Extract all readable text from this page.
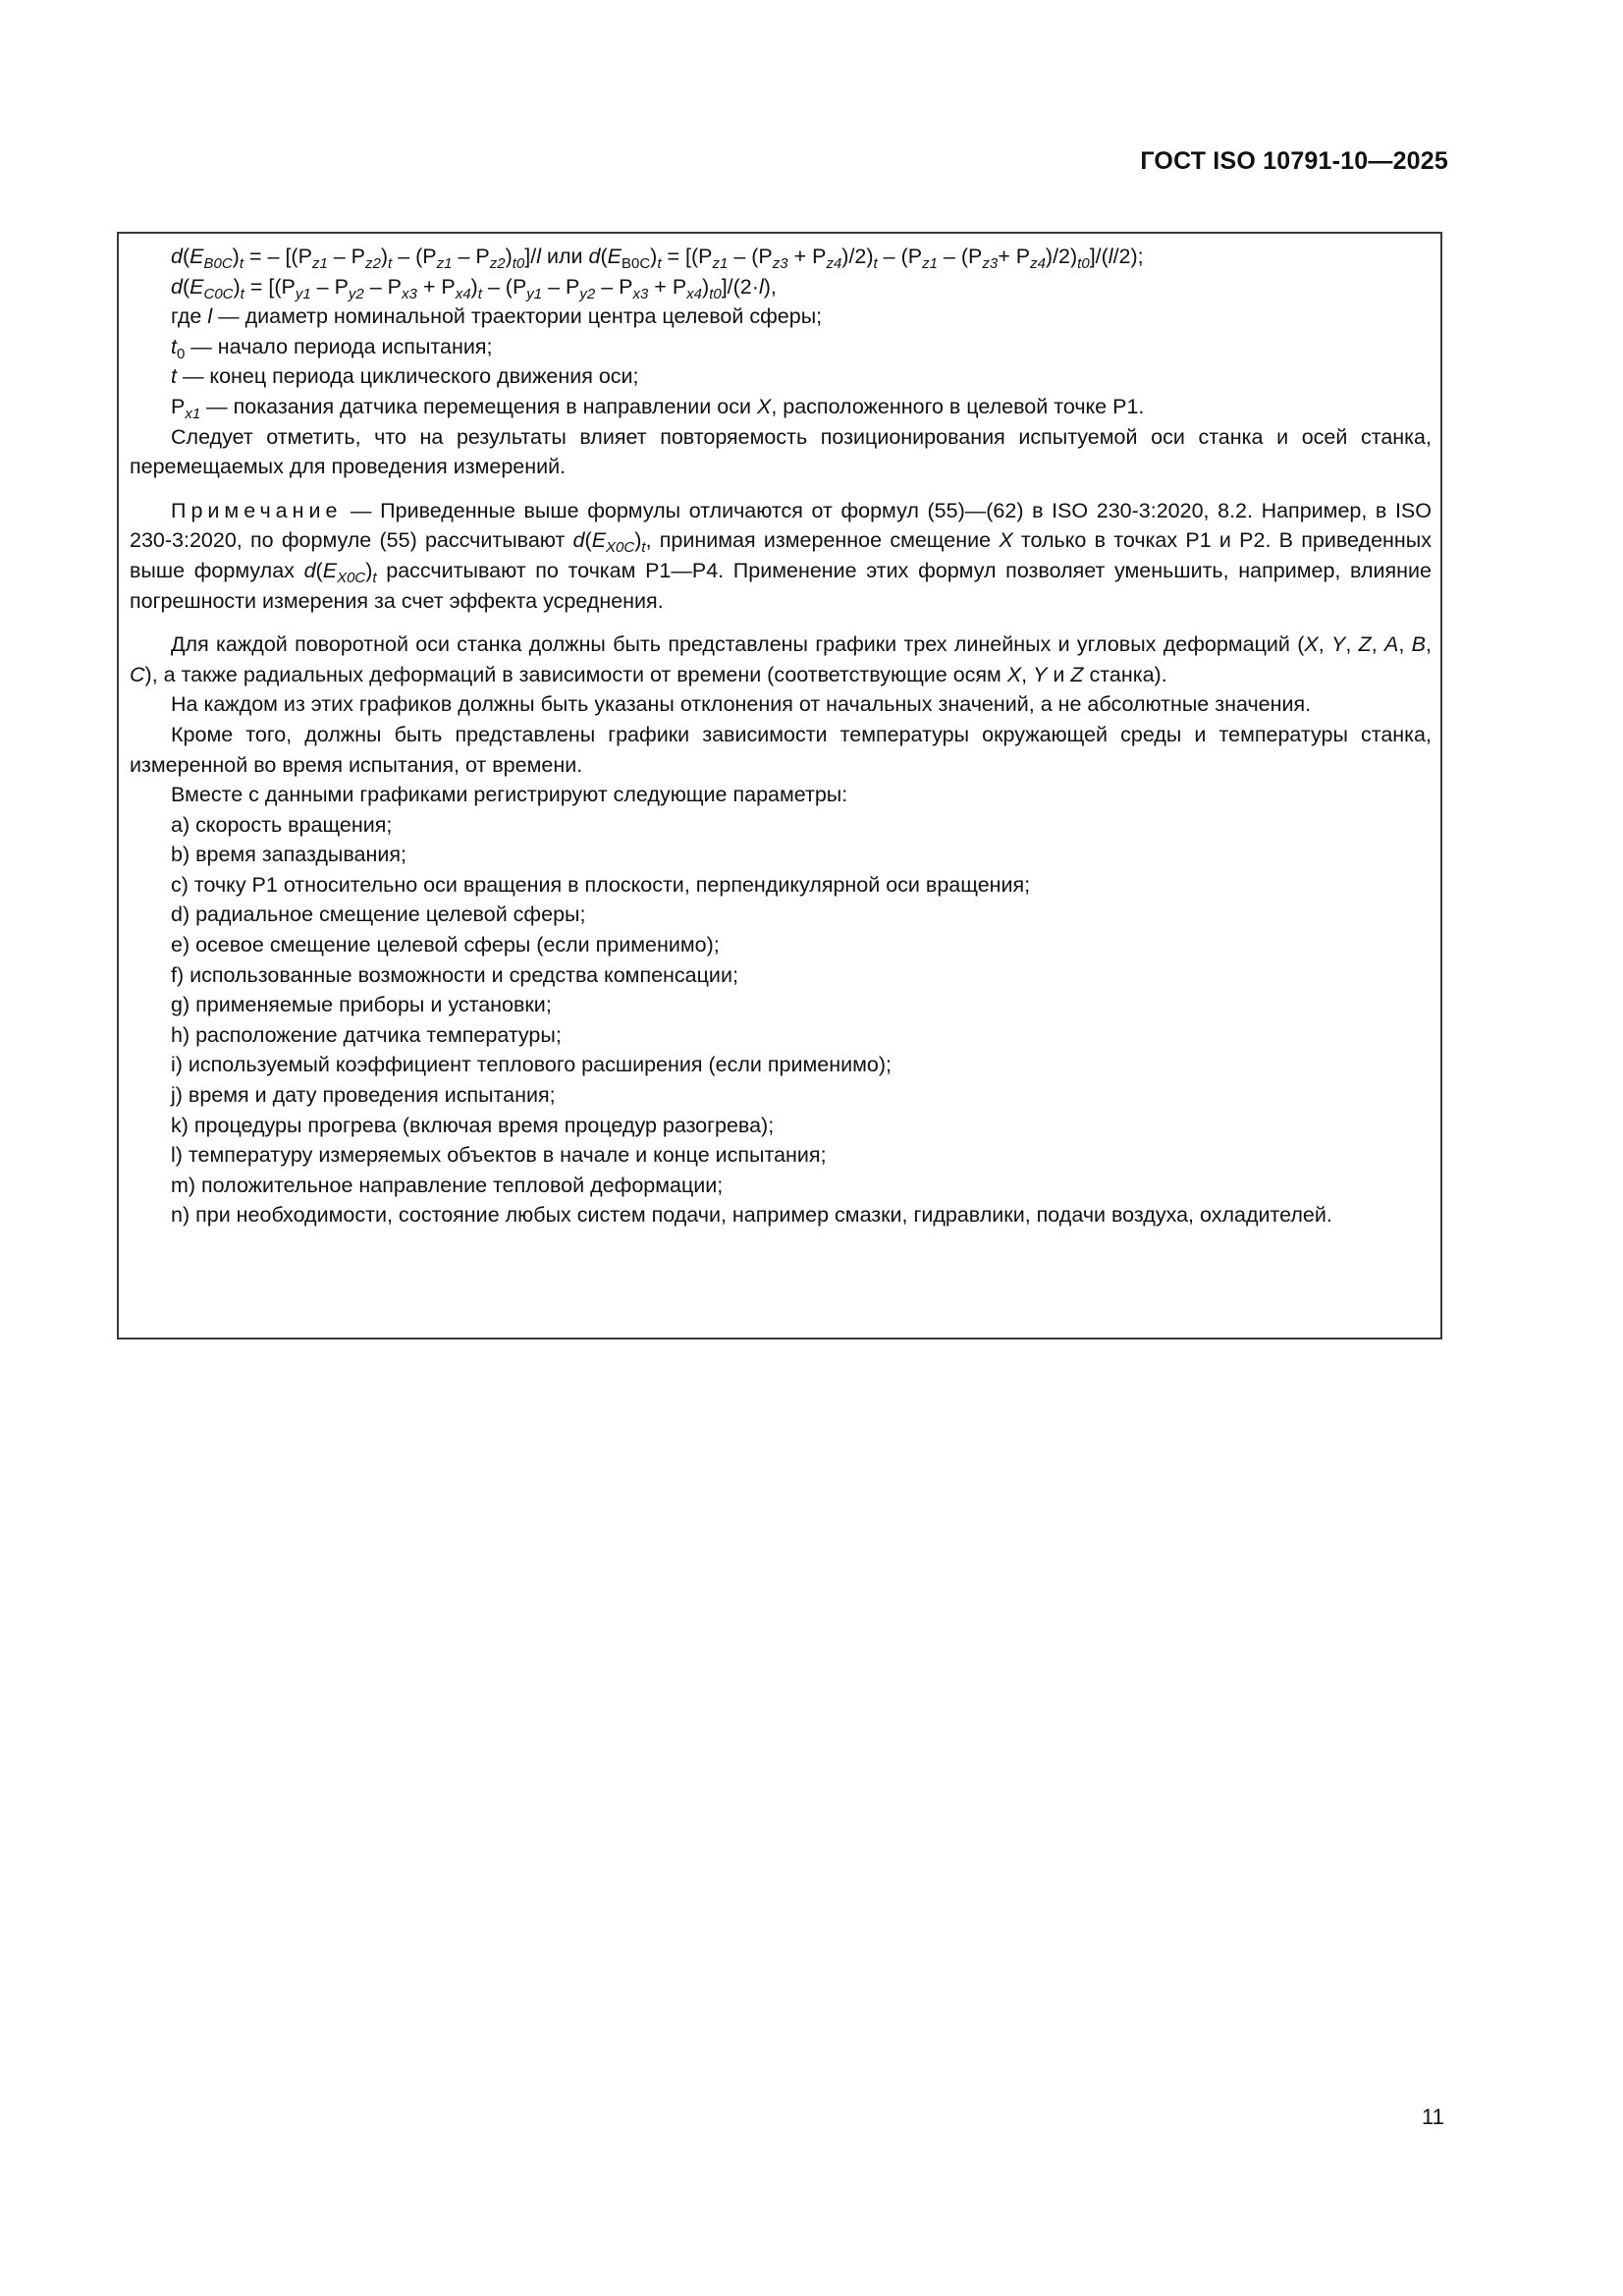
ГОСТ ISO 10791-10—2025

$d(E_{B0C})_t$ = – $[(P_{z1} - P_{z2})_t - (P_{z1} - P_{z2})_{t0}]/l$ или $d(E_{B0C})_t = [(P_{z1} - (P_{z3} + P_{z4})/2)_t - (P_{z1} - (P_{z3}+ P_{z4})/2)_{t0}]/(l/2)$;

$d(E_{C0C})_t = [(P_{y1} - P_{y2} - P_{x3} + P_{x4})_t - (P_{y1} - P_{y2} - P_{x3} + P_{x4})_{t0}]/(2\cdot l)$,

где l — диаметр номинальной траектории центра целевой сферы;

$t_0$ — начало периода испытания;

t — конец периода циклического движения оси;

$P_{x1}$ — показания датчика перемещения в направлении оси X, расположенного в целевой точке P1.

Следует отметить, что на результаты влияет повторяемость позиционирования испытуемой оси станка и осей станка, перемещаемых для проведения измерений.

Примечание — Приведенные выше формулы отличаются от формул (55)—(62) в ISO 230-3:2020, 8.2. Например, в ISO 230-3:2020, по формуле (55) рассчитывают $d(E_{X0C})_t$, принимая измеренное смещение X только в точках P1 и P2. В приведенных выше формулах $d(E_{X0C})_t$ рассчитывают по точкам P1—P4. Применение этих формул позволяет уменьшить, например, влияние погрешности измерения за счет эффекта усреднения.

Для каждой поворотной оси станка должны быть представлены графики трех линейных и угловых деформаций (X, Y, Z, A, B, C), а также радиальных деформаций в зависимости от времени (соответствующие осям X, Y и Z станка).

На каждом из этих графиков должны быть указаны отклонения от начальных значений, а не абсолютные значения.

Кроме того, должны быть представлены графики зависимости температуры окружающей среды и температуры станка, измеренной во время испытания, от времени.

Вместе с данными графиками регистрируют следующие параметры:

a) скорость вращения;

b) время запаздывания;

c) точку P1 относительно оси вращения в плоскости, перпендикулярной оси вращения;

d) радиальное смещение целевой сферы;

e) осевое смещение целевой сферы (если применимо);

f) использованные возможности и средства компенсации;

g) применяемые приборы и установки;

h) расположение датчика температуры;

i) используемый коэффициент теплового расширения (если применимо);

j) время и дату проведения испытания;

k) процедуры прогрева (включая время процедур разогрева);

l) температуру измеряемых объектов в начале и конце испытания;

m) положительное направление тепловой деформации;

n) при необходимости, состояние любых систем подачи, например смазки, гидравлики, подачи воздуха, охладителей.

11
